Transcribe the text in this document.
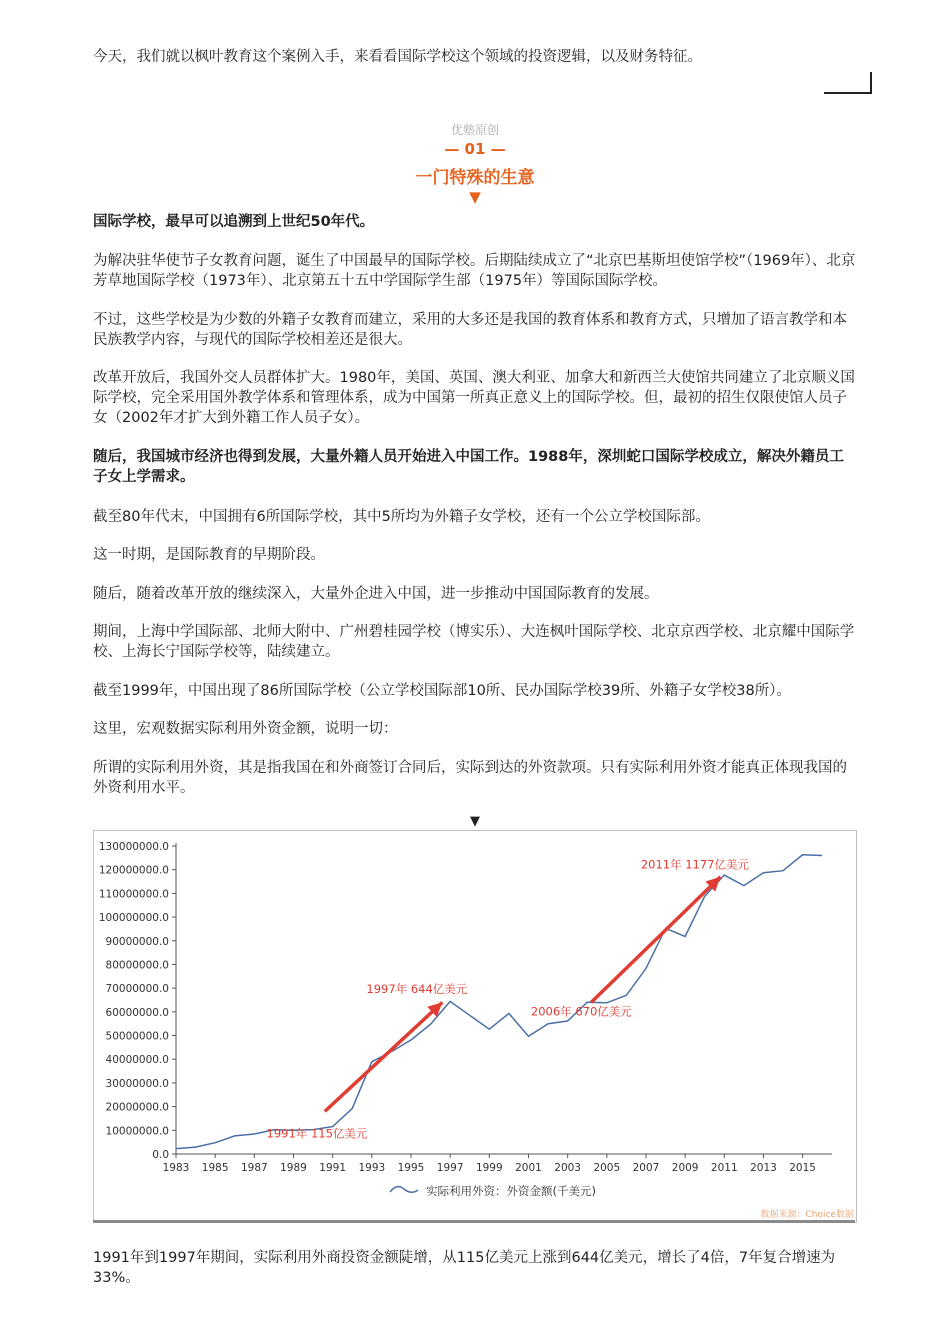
今天，我们就以枫叶教育这个案例入手，来看看国际学校这个领域的投资逻辑，以及财务特征。

优塾原创
— 01 —
一门特殊的生意
▼

国际学校，最早可以追溯到上世纪50年代。

为解决驻华使节子女教育问题，诞生了中国最早的国际学校。后期陆续成立了“北京巴基斯坦使馆学校”（1969年）、北京芳草地国际学校（1973年）、北京第五十五中学国际学生部（1975年）等国际国际学校。

不过，这些学校是为少数的外籍子女教育而建立，采用的大多还是我国的教育体系和教育方式，只增加了语言教学和本民族教学内容，与现代的国际学校相差还是很大。

改革开放后，我国外交人员群体扩大。1980年，美国、英国、澳大利亚、加拿大和新西兰大使馆共同建立了北京顺义国际学校，完全采用国外教学体系和管理体系，成为中国第一所真正意义上的国际学校。但，最初的招生仅限使馆人员子女（2002年才扩大到外籍工作人员子女）。

随后，我国城市经济也得到发展，大量外籍人员开始进入中国工作。1988年，深圳蛇口国际学校成立，解决外籍员工子女上学需求。

截至80年代末，中国拥有6所国际学校，其中5所均为外籍子女学校，还有一个公立学校国际部。

这一时期，是国际教育的早期阶段。

随后，随着改革开放的继续深入，大量外企进入中国，进一步推动中国国际教育的发展。

期间，上海中学国际部、北师大附中、广州碧桂园学校（博实乐）、大连枫叶国际学校、北京京西学校、北京耀中国际学校、上海长宁国际学校等，陆续建立。

截至1999年，中国出现了86所国际学校（公立学校国际部10所、民办国际学校39所、外籍子女学校38所）。

这里，宏观数据实际利用外资金额，说明一切：

所谓的实际利用外资，其是指我国在和外商签订合同后，实际到达的外资款项。只有实际利用外资才能真正体现我国的外资利用水平。

▼
0.0
10000000.0
20000000.0
30000000.0
40000000.0
50000000.0
60000000.0
70000000.0
80000000.0
90000000.0
100000000.0
110000000.0
120000000.0
130000000.0
1983 1985 1987 1989 1991 1993 1995 1997 1999 2001 2003 2005 2007 2009 2011 2013 2015
1991年 115亿美元
1997年 644亿美元
2006年 670亿美元
2011年 1177亿美元
实际利用外资：外资金额(千美元)
数据来源：Choice数据

1991年到1997年期间，实际利用外商投资金额陡增，从115亿美元上涨到644亿美元，增长了4倍，7年复合增速为33%。
